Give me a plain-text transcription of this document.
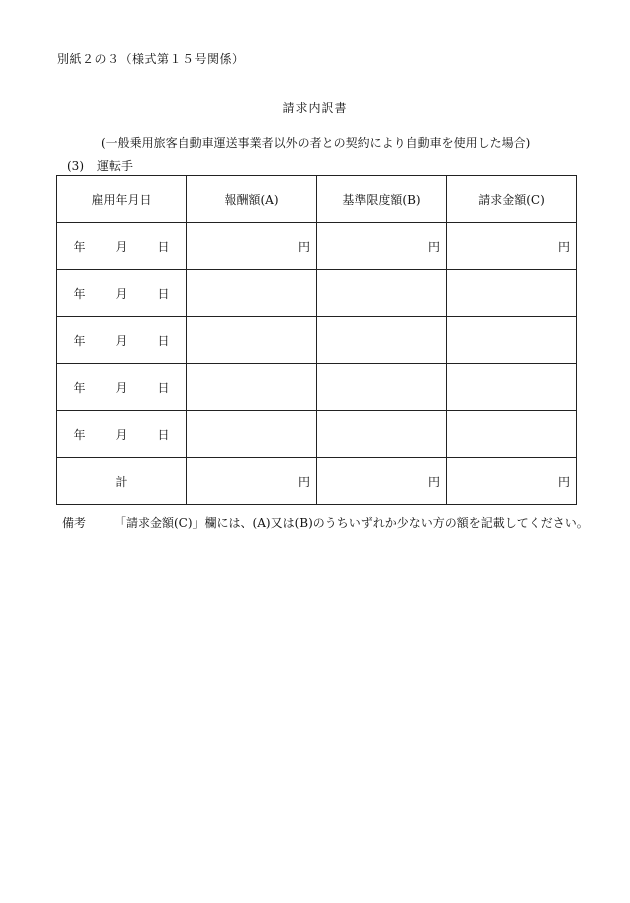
別紙２の３（様式第１５号関係）
請求内訳書
(一般乗用旅客自動車運送事業者以外の者との契約により自動車を使用した場合)
(3) 運転手
雇用年月日	報酬額(A)	基準限度額(B)	請求金額(C)
年 月 日	円	円	円
年 月 日			
年 月 日			
年 月 日			
年 月 日			
計	円	円	円
備考 「請求金額(C)」欄には、(A)又は(B)のうちいずれか少ない方の額を記載してください。
